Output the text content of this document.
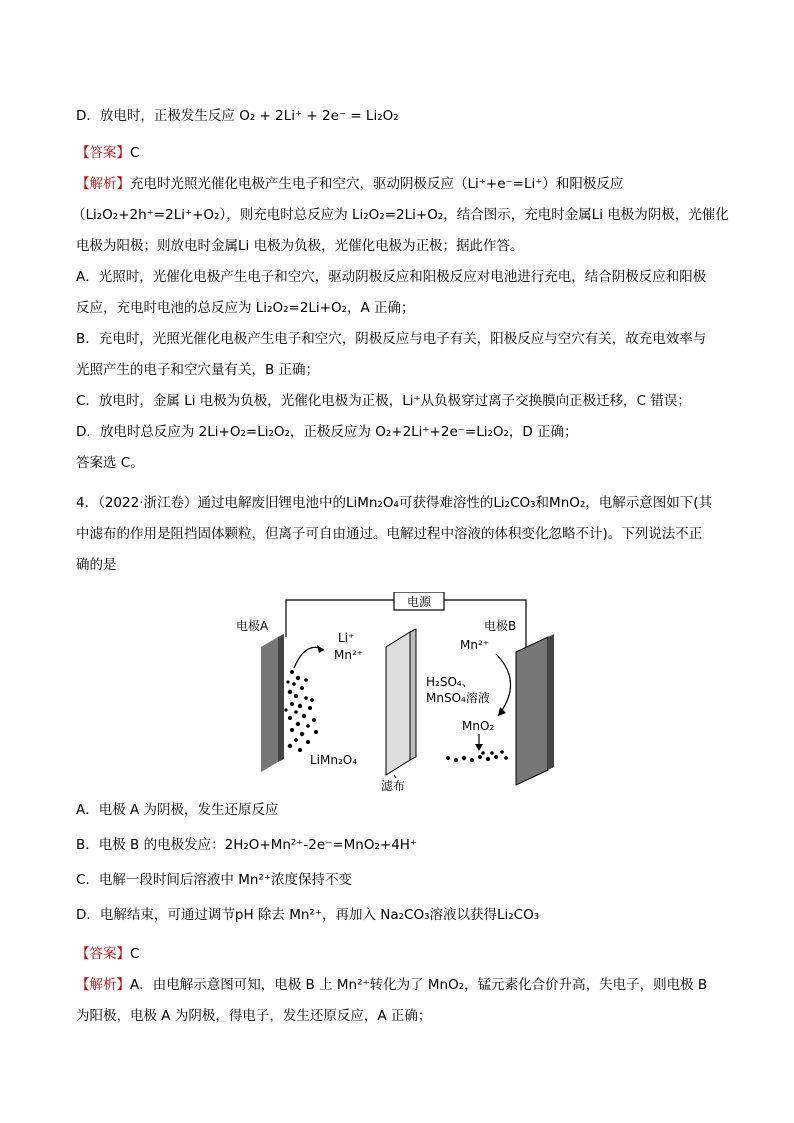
D．放电时，正极发生反应 O₂ + 2Li⁺ + 2e⁻ = Li₂O₂
【答案】C
【解析】充电时光照光催化电极产生电子和空穴，驱动阴极反应（Li⁺+e⁻=Li⁺）和阳极反应
（Li₂O₂+2h⁺=2Li⁺+O₂），则充电时总反应为 Li₂O₂=2Li+O₂，结合图示，充电时金属Li 电极为阴极，光催化
电极为阳极；则放电时金属Li 电极为负极，光催化电极为正极；据此作答。
A．光照时，光催化电极产生电子和空穴，驱动阴极反应和阳极反应对电池进行充电，结合阴极反应和阳极
反应，充电时电池的总反应为 Li₂O₂=2Li+O₂，A 正确；
B．充电时，光照光催化电极产生电子和空穴，阴极反应与电子有关，阳极反应与空穴有关，故充电效率与
光照产生的电子和空穴量有关，B 正确；
C．放电时，金属 Li 电极为负极，光催化电极为正极，Li⁺从负极穿过离子交换膜向正极迁移，C 错误；
D．放电时总反应为 2Li+O₂=Li₂O₂，正极反应为 O₂+2Li⁺+2e⁻=Li₂O₂，D 正确；
答案选 C。
4．（2022·浙江卷）通过电解废旧锂电池中的LiMn₂O₄可获得难溶性的Li₂CO₃和MnO₂，电解示意图如下(其
中滤布的作用是阻挡固体颗粒，但离子可自由通过。电解过程中溶液的体积变化忽略不计)。下列说法不正
确的是
电源
电极A
滤布
电极B
LiMn₂O₄
Li⁺
Mn²⁺
Mn²⁺
H₂SO₄、
MnSO₄溶液
MnO₂
A．电极 A 为阴极，发生还原反应
B．电极 B 的电极发应：2H₂O+Mn²⁺-2e⁻=MnO₂+4H⁺
C．电解一段时间后溶液中 Mn²⁺浓度保持不变
D．电解结束，可通过调节pH 除去 Mn²⁺，再加入 Na₂CO₃溶液以获得Li₂CO₃
【答案】C
【解析】A．由电解示意图可知，电极 B 上 Mn²⁺转化为了 MnO₂，锰元素化合价升高，失电子，则电极 B
为阳极，电极 A 为阴极，得电子，发生还原反应，A 正确；
